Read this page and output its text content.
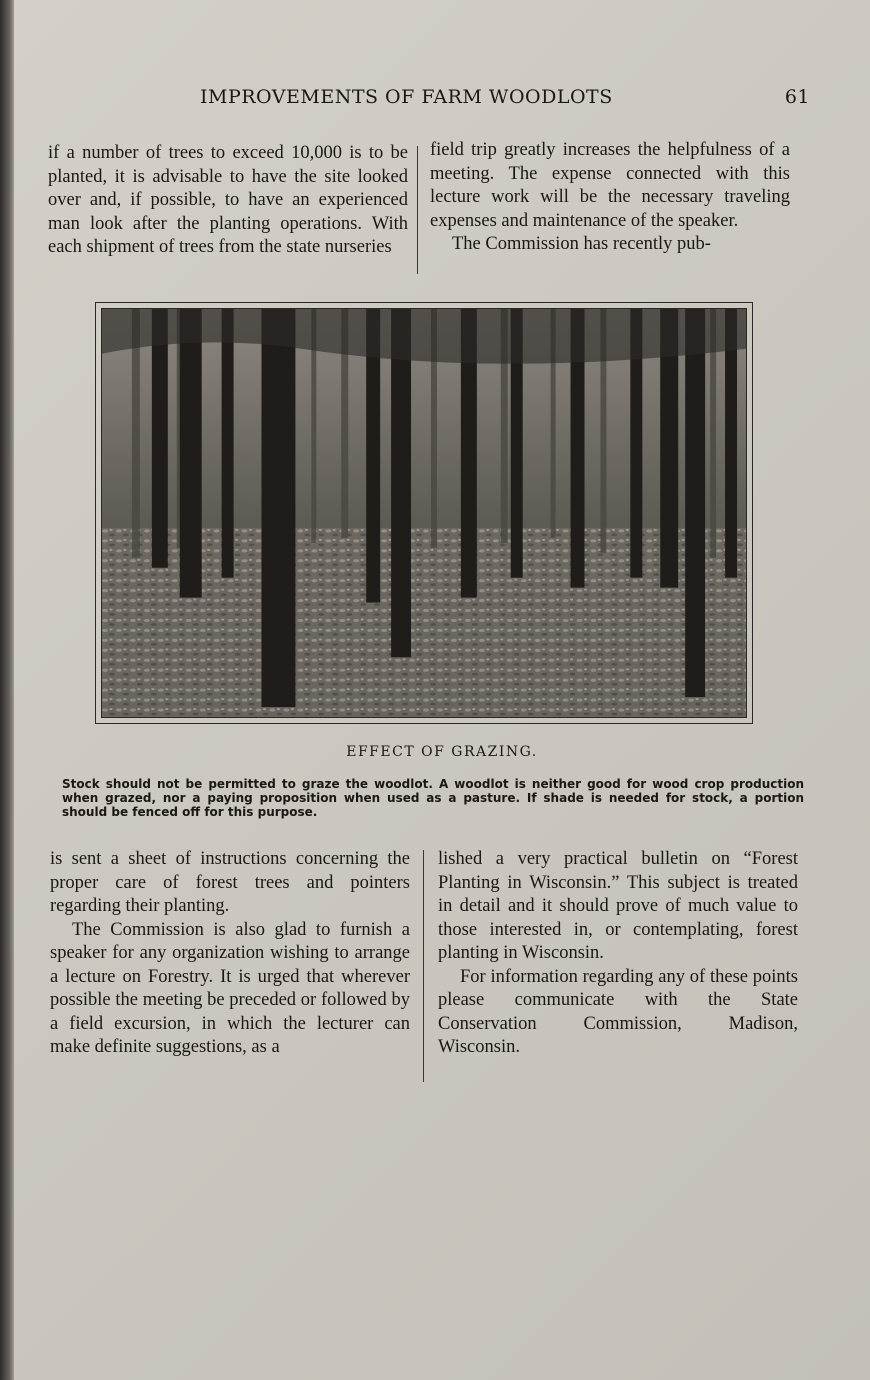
IMPROVEMENTS OF FARM WOODLOTS	61

if a number of trees to exceed 10,000 is to be planted, it is advisable to have the site looked over and, if possible, to have an experienced man look after the planting operations. With each shipment of trees from the state nurseries

field trip greatly increases the helpfulness of a meeting. The expense connected with this lecture work will be the necessary traveling expenses and maintenance of the speaker.

The Commission has recently pub-

EFFECT OF GRAZING.
Stock should not be permitted to graze the woodlot. A woodlot is neither good for wood crop production when grazed, nor a paying proposition when used as a pasture. If shade is needed for stock, a portion should be fenced off for this purpose.

is sent a sheet of instructions concerning the proper care of forest trees and pointers regarding their planting.

The Commission is also glad to furnish a speaker for any organization wishing to arrange a lecture on Forestry. It is urged that wherever possible the meeting be preceded or followed by a field excursion, in which the lecturer can make definite suggestions, as a

lished a very practical bulletin on “Forest Planting in Wisconsin.” This subject is treated in detail and it should prove of much value to those interested in, or contemplating, forest planting in Wisconsin.

For information regarding any of these points please communicate with the State Conservation Commission, Madison, Wisconsin.
